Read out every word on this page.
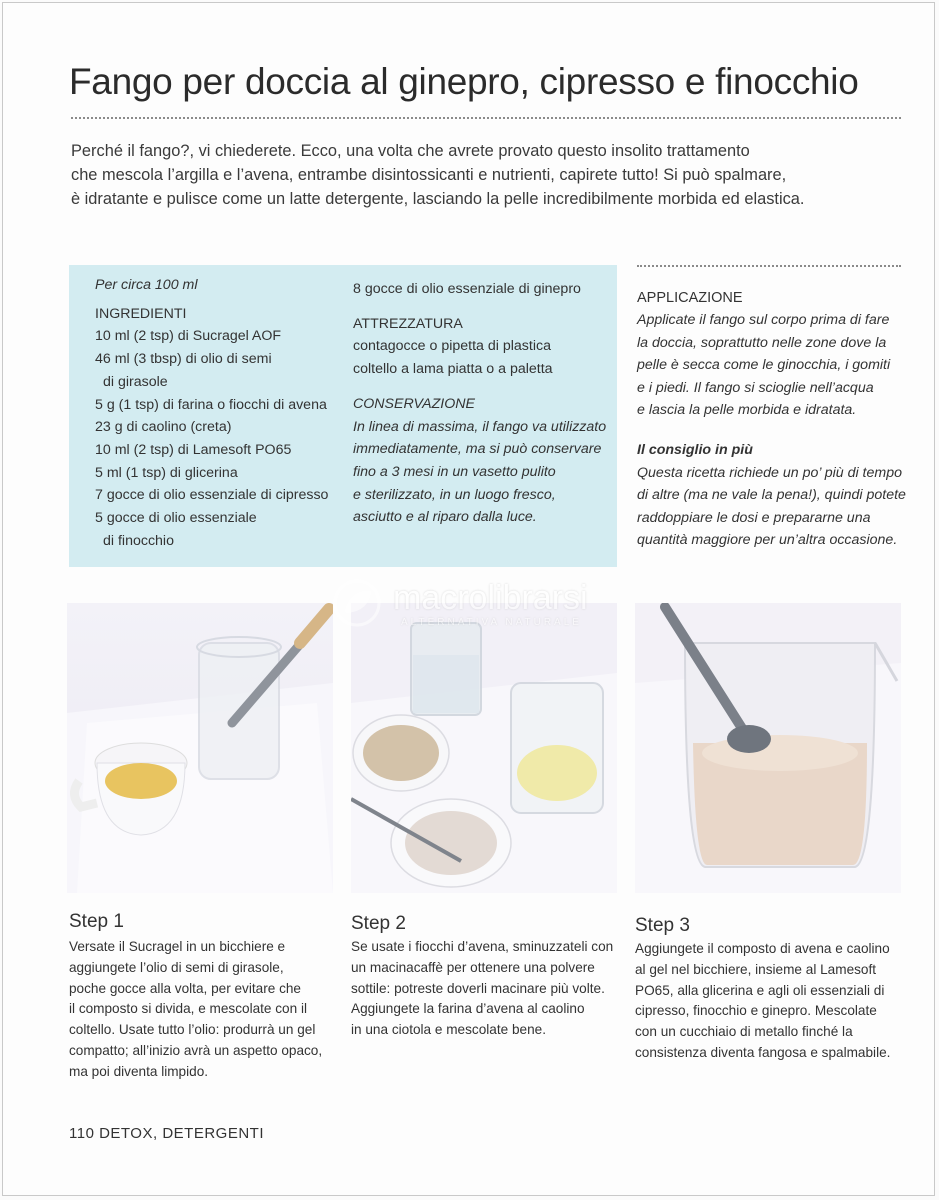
Fango per doccia al ginepro, cipresso e finocchio

Perché il fango?, vi chiederete. Ecco, una volta che avrete provato questo insolito trattamento
che mescola l’argilla e l’avena, entrambe disintossicanti e nutrienti, capirete tutto! Si può spalmare,
è idratante e pulisce come un latte detergente, lasciando la pelle incredibilmente morbida ed elastica.

Per circa 100 ml
INGREDIENTI
10 ml (2 tsp) di Sucragel AOF
46 ml (3 tbsp) di olio di semi
di girasole
5 g (1 tsp) di farina o fiocchi di avena
23 g di caolino (creta)
10 ml (2 tsp) di Lamesoft PO65
5 ml (1 tsp) di glicerina
7 gocce di olio essenziale di cipresso
5 gocce di olio essenziale
di finocchio
8 gocce di olio essenziale di ginepro
ATTREZZATURA
contagocce o pipetta di plastica
coltello a lama piatta o a paletta
CONSERVAZIONE
In linea di massima, il fango va utilizzato
immediatamente, ma si può conservare
fino a 3 mesi in un vasetto pulito
e sterilizzato, in un luogo fresco,
asciutto e al riparo dalla luce.
APPLICAZIONE
Applicate il fango sul corpo prima di fare
la doccia, soprattutto nelle zone dove la
pelle è secca come le ginocchia, i gomiti
e i piedi. Il fango si scioglie nell’acqua
e lascia la pelle morbida e idratata.
Il consiglio in più
Questa ricetta richiede un po’ più di tempo
di altre (ma ne vale la pena!), quindi potete
raddoppiare le dosi e prepararne una
quantità maggiore per un’altra occasione.
macrolibrarsi
ALTERNATIVA NATURALE
Step 1
Versate il Sucragel in un bicchiere e
aggiungete l’olio di semi di girasole,
poche gocce alla volta, per evitare che
il composto si divida, e mescolate con il
coltello. Usate tutto l’olio: produrrà un gel
compatto; all’inizio avrà un aspetto opaco,
ma poi diventa limpido.
Step 2
Se usate i fiocchi d’avena, sminuzzateli con
un macinacaffè per ottenere una polvere
sottile: potreste doverli macinare più volte.
Aggiungete la farina d’avena al caolino
in una ciotola e mescolate bene.
Step 3
Aggiungete il composto di avena e caolino
al gel nel bicchiere, insieme al Lamesoft
PO65, alla glicerina e agli oli essenziali di
cipresso, finocchio e ginepro. Mescolate
con un cucchiaio di metallo finché la
consistenza diventa fangosa e spalmabile.
110 DETOX, DETERGENTI
